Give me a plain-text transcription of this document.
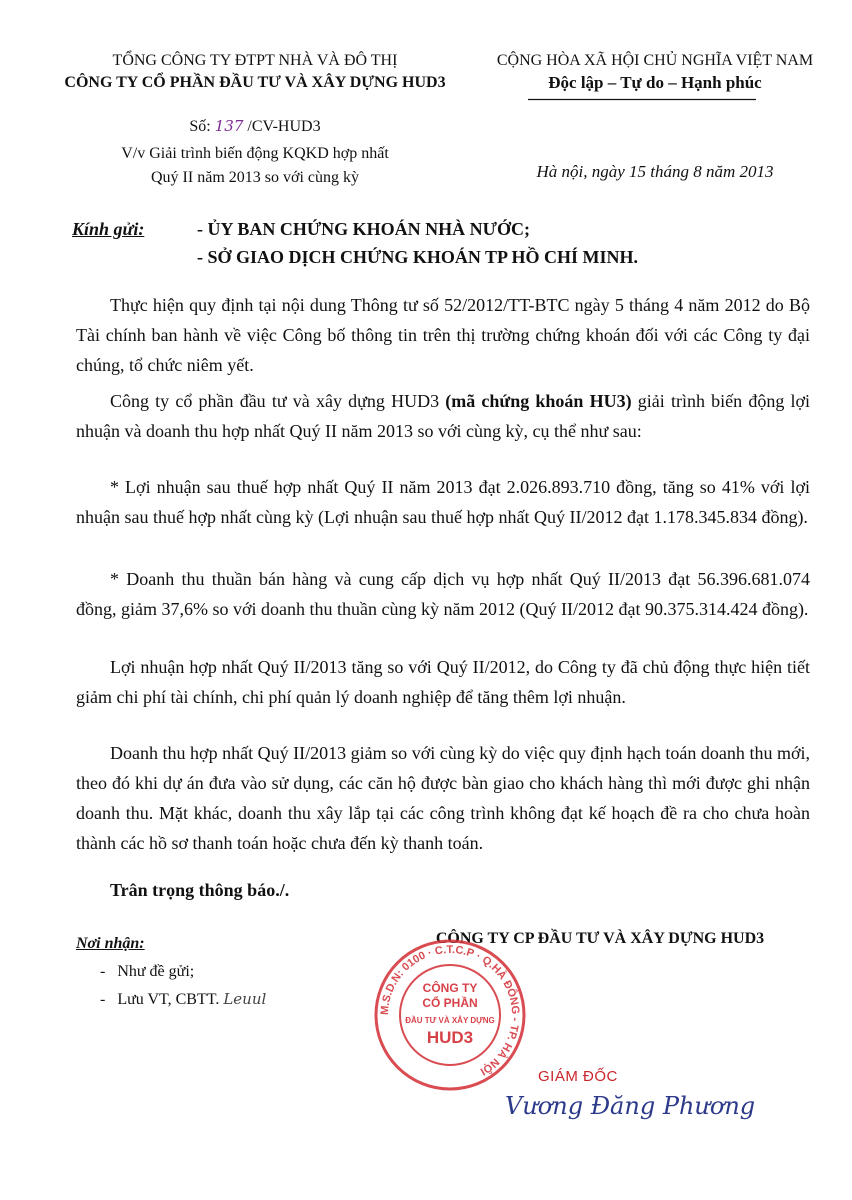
TỔNG CÔNG TY ĐTPT NHÀ VÀ ĐÔ THỊ
CÔNG TY CỔ PHẦN ĐẦU TƯ VÀ XÂY DỰNG HUD3
CỘNG HÒA XÃ HỘI CHỦ NGHĨA VIỆT NAM
Độc lập – Tự do – Hạnh phúc
Số: 137 /CV-HUD3
V/v Giải trình biến động KQKD hợp nhất
Quý II năm 2013 so với cùng kỳ	Hà nội, ngày 15 tháng 8 năm 2013
Kính gửi:	- ỦY BAN CHỨNG KHOÁN NHÀ NƯỚC;
- SỞ GIAO DỊCH CHỨNG KHOÁN TP HỒ CHÍ MINH.

Thực hiện quy định tại nội dung Thông tư số 52/2012/TT-BTC ngày 5 tháng 4 năm 2012 do Bộ Tài chính ban hành về việc Công bố thông tin trên thị trường chứng khoán đối với các Công ty đại chúng, tổ chức niêm yết.

Công ty cổ phần đầu tư và xây dựng HUD3 (mã chứng khoán HU3) giải trình biến động lợi nhuận và doanh thu hợp nhất Quý II năm 2013 so với cùng kỳ, cụ thể như sau:

* Lợi nhuận sau thuế hợp nhất Quý II năm 2013 đạt 2.026.893.710 đồng, tăng so 41% với lợi nhuận sau thuế hợp nhất cùng kỳ (Lợi nhuận sau thuế hợp nhất Quý II/2012 đạt 1.178.345.834 đồng).

* Doanh thu thuần bán hàng và cung cấp dịch vụ hợp nhất Quý II/2013 đạt 56.396.681.074 đồng, giảm 37,6% so với doanh thu thuần cùng kỳ năm 2012 (Quý II/2012 đạt 90.375.314.424 đồng).

Lợi nhuận hợp nhất Quý II/2013 tăng so với Quý II/2012, do Công ty đã chủ động thực hiện tiết giảm chi phí tài chính, chi phí quản lý doanh nghiệp để tăng thêm lợi nhuận.

Doanh thu hợp nhất Quý II/2013 giảm so với cùng kỳ do việc quy định hạch toán doanh thu mới, theo đó khi dự án đưa vào sử dụng, các căn hộ được bàn giao cho khách hàng thì mới được ghi nhận doanh thu. Mặt khác, doanh thu xây lắp tại các công trình không đạt kế hoạch đề ra cho chưa hoàn thành các hồ sơ thanh toán hoặc chưa đến kỳ thanh toán.

Trân trọng thông báo./.
Nơi nhận:
-   Như đề gửi;
-   Lưu VT, CBTT. Leuul
CÔNG TY CP ĐẦU TƯ VÀ XÂY DỰNG HUD3
M.S.D.N: 0100 · C.T.C.P · Q.HÀ ĐÔNG - TP. HÀ NỘI
CÔNG TY
CỔ PHẦN
ĐẦU TƯ VÀ XÂY DỰNG
HUD3
GIÁM ĐỐC
Vương Đăng Phương
